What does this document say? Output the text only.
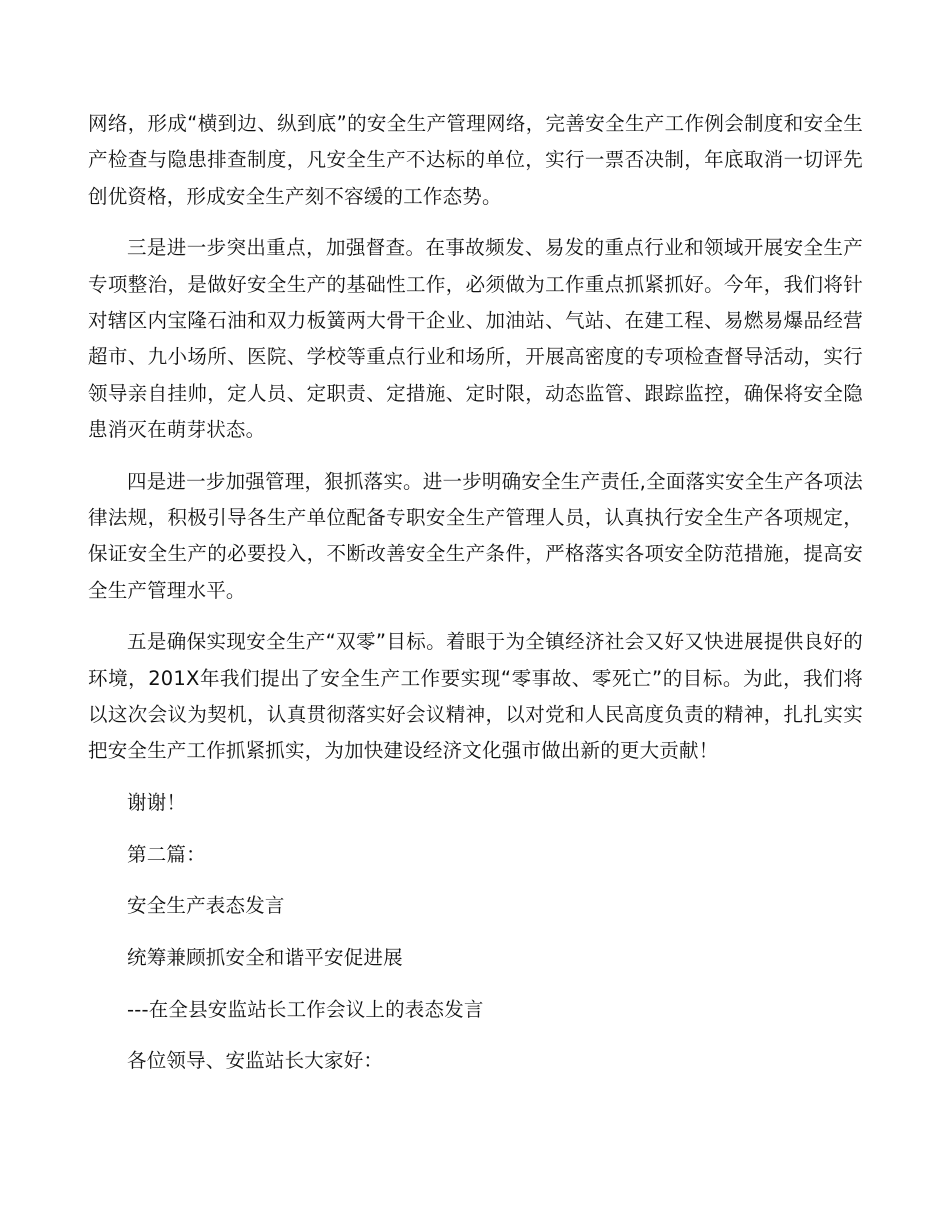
网络，形成“横到边、纵到底”的安全生产管理网络，完善安全生产工作例会制度和安全生产检查与隐患排查制度，凡安全生产不达标的单位，实行一票否决制，年底取消一切评先创优资格，形成安全生产刻不容缓的工作态势。

三是进一步突出重点，加强督查。在事故频发、易发的重点行业和领域开展安全生产专项整治，是做好安全生产的基础性工作，必须做为工作重点抓紧抓好。今年，我们将针对辖区内宝隆石油和双力板簧两大骨干企业、加油站、气站、在建工程、易燃易爆品经营超市、九小场所、医院、学校等重点行业和场所，开展高密度的专项检查督导活动，实行领导亲自挂帅，定人员、定职责、定措施、定时限，动态监管、跟踪监控，确保将安全隐患消灭在萌芽状态。

四是进一步加强管理，狠抓落实。进一步明确安全生产责任,全面落实安全生产各项法律法规，积极引导各生产单位配备专职安全生产管理人员，认真执行安全生产各项规定，保证安全生产的必要投入，不断改善安全生产条件，严格落实各项安全防范措施，提高安全生产管理水平。

五是确保实现安全生产“双零”目标。着眼于为全镇经济社会又好又快进展提供良好的环境，201X年我们提出了安全生产工作要实现“零事故、零死亡”的目标。为此，我们将以这次会议为契机，认真贯彻落实好会议精神，以对党和人民高度负责的精神，扎扎实实把安全生产工作抓紧抓实，为加快建设经济文化强市做出新的更大贡献！

谢谢！

第二篇：

安全生产表态发言

统筹兼顾抓安全和谐平安促进展

---在全县安监站长工作会议上的表态发言

各位领导、安监站长大家好：
